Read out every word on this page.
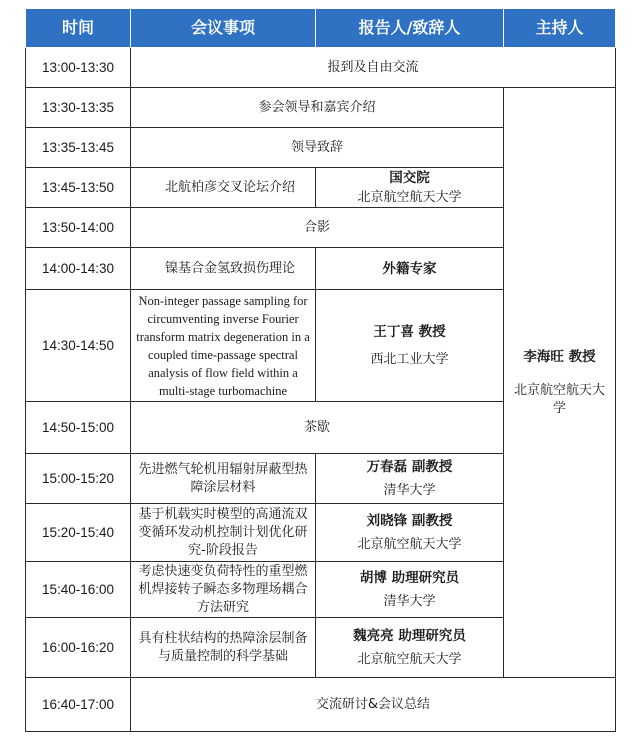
时间	会议事项	报告人/致辞人	主持人
13:00-13:30	报到及自由交流		
13:30-13:35	参会领导和嘉宾介绍		李海旺 教授
北京航空航天大学

13:35-13:45	领导致辞		
13:45-13:50	北航柏彦交叉论坛介绍	国交院
北京航空航天大学	

13:50-14:00	合影		
14:00-14:30	镍基合金氢致损伤理论	外籍专家	

14:30-14:50	Non-integer passage sampling for circumventing inverse Fourier transform matrix degeneration in a coupled time-passage spectral analysis of flow field within a multi-stage turbomachine	王丁喜 教授
西北工业大学	

14:50-15:00	茶歇		
15:00-15:20	先进燃气轮机用辐射屏蔽型热障涂层材料	万春磊 副教授
清华大学	

15:20-15:40	基于机载实时模型的高通流双变循环发动机控制计划优化研究-阶段报告	刘晓锋 副教授
北京航空航天大学	

15:40-16:00	考虑快速变负荷特性的重型燃机焊接转子瞬态多物理场耦合方法研究	胡博 助理研究员
清华大学	

16:00-16:20	具有柱状结构的热障涂层制备与质量控制的科学基础	魏亮亮 助理研究员
北京航空航天大学	

16:40-17:00	交流研讨&会议总结		
